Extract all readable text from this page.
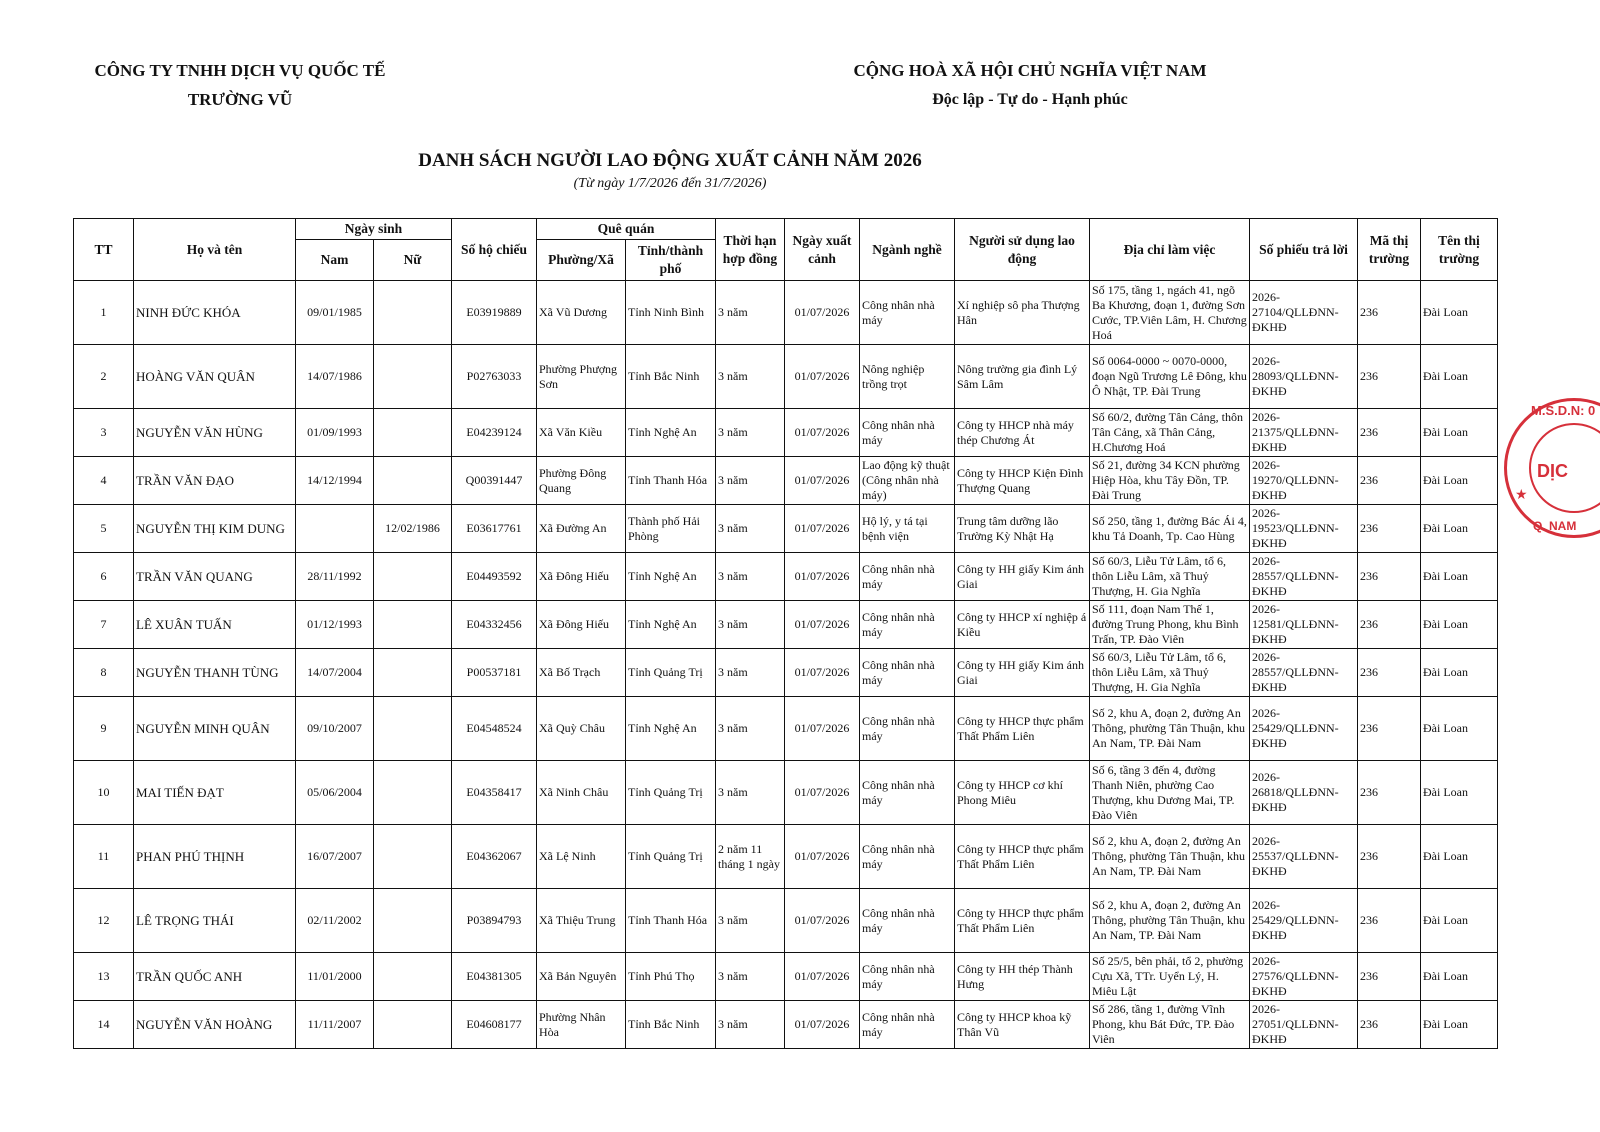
CÔNG TY TNHH DỊCH VỤ QUỐC TẾ
TRƯỜNG VŨ
CỘNG HOÀ XÃ HỘI CHỦ NGHĨA VIỆT NAM
Độc lập - Tự do - Hạnh phúc
DANH SÁCH NGƯỜI LAO ĐỘNG XUẤT CẢNH NĂM 2026
(Từ ngày 1/7/2026 đến 31/7/2026)
TT	Họ và tên	Ngày sinh		Số hộ chiếu	Quê quán		Thời hạn hợp đồng	Ngày xuất cảnh	Ngành nghề	Người sử dụng lao động	Địa chỉ làm việc	Số phiếu trả lời	Mã thị trường	Tên thị trường
		Nam	Nữ		Phường/Xã	Tỉnh/thành phố								
1	NINH ĐỨC KHÓA	09/01/1985		E03919889	Xã Vũ Dương	Tỉnh Ninh Bình	3 năm	01/07/2026	Công nhân nhà máy	Xí nghiệp sô pha Thượng Hân	Số 175, tầng 1, ngách 41, ngõ Ba Khương, đoạn 1, đường Sơn Cước, TP.Viên Lâm, H. Chương Hoá	2026-27104/QLLĐNN-ĐKHĐ	236	Đài Loan
2	HOÀNG VĂN QUÂN	14/07/1986		P02763033	Phường Phượng Sơn	Tỉnh Bắc Ninh	3 năm	01/07/2026	Nông nghiệp trồng trọt	Nông trường gia đình Lý Sâm Lâm	Số 0064-0000 ~ 0070-0000, đoạn Ngũ Trương Lê Đông, khu Ô Nhật, TP. Đài Trung	2026-28093/QLLĐNN-ĐKHĐ	236	Đài Loan
3	NGUYỄN VĂN HÙNG	01/09/1993		E04239124	Xã Văn Kiều	Tỉnh Nghệ An	3 năm	01/07/2026	Công nhân nhà máy	Công ty HHCP nhà máy thép Chương Át	Số 60/2, đường Tân Cảng, thôn Tân Cảng, xã Thân Cảng, H.Chương Hoá	2026-21375/QLLĐNN-ĐKHĐ	236	Đài Loan
4	TRẦN VĂN ĐẠO	14/12/1994		Q00391447	Phường Đông Quang	Tỉnh Thanh Hóa	3 năm	01/07/2026	Lao động kỹ thuật (Công nhân nhà máy)	Công ty HHCP Kiện Đình Thượng Quang	Số 21, đường 34 KCN phường Hiệp Hòa, khu Tây Đồn, TP. Đài Trung	2026-19270/QLLĐNN-ĐKHĐ	236	Đài Loan
5	NGUYỄN THỊ KIM DUNG		12/02/1986	E03617761	Xã Đường An	Thành phố Hải Phòng	3 năm	01/07/2026	Hộ lý, y tá tại bệnh viện	Trung tâm dưỡng lão Trường Kỳ Nhật Hạ	Số 250, tầng 1, đường Bác Ái 4, khu Tả Doanh, Tp. Cao Hùng	2026-19523/QLLĐNN-ĐKHĐ	236	Đài Loan
6	TRẦN VĂN QUANG	28/11/1992		E04493592	Xã Đông Hiếu	Tỉnh Nghệ An	3 năm	01/07/2026	Công nhân nhà máy	Công ty HH giấy Kim ánh Giai	Số 60/3, Liễu Tử Lâm, tổ 6, thôn Liễu Lâm, xã Thuỷ Thượng, H. Gia Nghĩa	2026-28557/QLLĐNN-ĐKHĐ	236	Đài Loan
7	LÊ XUÂN TUẤN	01/12/1993		E04332456	Xã Đông Hiếu	Tỉnh Nghệ An	3 năm	01/07/2026	Công nhân nhà máy	Công ty HHCP xí nghiệp á Kiều	Số 111, đoạn Nam Thế 1, đường Trung Phong, khu Bình Trấn, TP. Đào Viên	2026-12581/QLLĐNN-ĐKHĐ	236	Đài Loan
8	NGUYỄN THANH TÙNG	14/07/2004		P00537181	Xã Bố Trạch	Tỉnh Quảng Trị	3 năm	01/07/2026	Công nhân nhà máy	Công ty HH giấy Kim ánh Giai	Số 60/3, Liễu Tử Lâm, tổ 6, thôn Liễu Lâm, xã Thuỷ Thượng, H. Gia Nghĩa	2026-28557/QLLĐNN-ĐKHĐ	236	Đài Loan
9	NGUYỄN MINH QUÂN	09/10/2007		E04548524	Xã Quỳ Châu	Tỉnh Nghệ An	3 năm	01/07/2026	Công nhân nhà máy	Công ty HHCP thực phẩm Thất Phẩm Liên	Số 2, khu A, đoạn 2, đường An Thông, phường Tân Thuận, khu An Nam, TP. Đài Nam	2026-25429/QLLĐNN-ĐKHĐ	236	Đài Loan
10	MAI TIẾN ĐẠT	05/06/2004		E04358417	Xã Ninh Châu	Tỉnh Quảng Trị	3 năm	01/07/2026	Công nhân nhà máy	Công ty HHCP cơ khí Phong Miêu	Số 6, tầng 3 đến 4, đường Thanh Niên, phường Cao Thượng, khu Dương Mai, TP. Đào Viên	2026-26818/QLLĐNN-ĐKHĐ	236	Đài Loan
11	PHAN PHÚ THỊNH	16/07/2007		E04362067	Xã Lệ Ninh	Tỉnh Quảng Trị	2 năm 11 tháng 1 ngày	01/07/2026	Công nhân nhà máy	Công ty HHCP thực phẩm Thất Phẩm Liên	Số 2, khu A, đoạn 2, đường An Thông, phường Tân Thuận, khu An Nam, TP. Đài Nam	2026-25537/QLLĐNN-ĐKHĐ	236	Đài Loan
12	LÊ TRỌNG THÁI	02/11/2002		P03894793	Xã Thiệu Trung	Tỉnh Thanh Hóa	3 năm	01/07/2026	Công nhân nhà máy	Công ty HHCP thực phẩm Thất Phẩm Liên	Số 2, khu A, đoạn 2, đường An Thông, phường Tân Thuận, khu An Nam, TP. Đài Nam	2026-25429/QLLĐNN-ĐKHĐ	236	Đài Loan
13	TRẦN QUỐC ANH	11/01/2000		E04381305	Xã Bản Nguyên	Tỉnh Phú Thọ	3 năm	01/07/2026	Công nhân nhà máy	Công ty HH thép Thành Hưng	Số 25/5, bên phải, tổ 2, phường Cựu Xã, TTr. Uyển Lý, H. Miêu Lật	2026-27576/QLLĐNN-ĐKHĐ	236	Đài Loan
14	NGUYỄN VĂN HOÀNG	11/11/2007		E04608177	Phường Nhân Hòa	Tỉnh Bắc Ninh	3 năm	01/07/2026	Công nhân nhà máy	Công ty HHCP khoa kỹ Thân Vũ	Số 286, tầng 1, đường Vĩnh Phong, khu Bát Đức, TP. Đào Viên	2026-27051/QLLĐNN-ĐKHĐ	236	Đài Loan
M.S.D.N: 0
DỊC
★
Q. NAM
